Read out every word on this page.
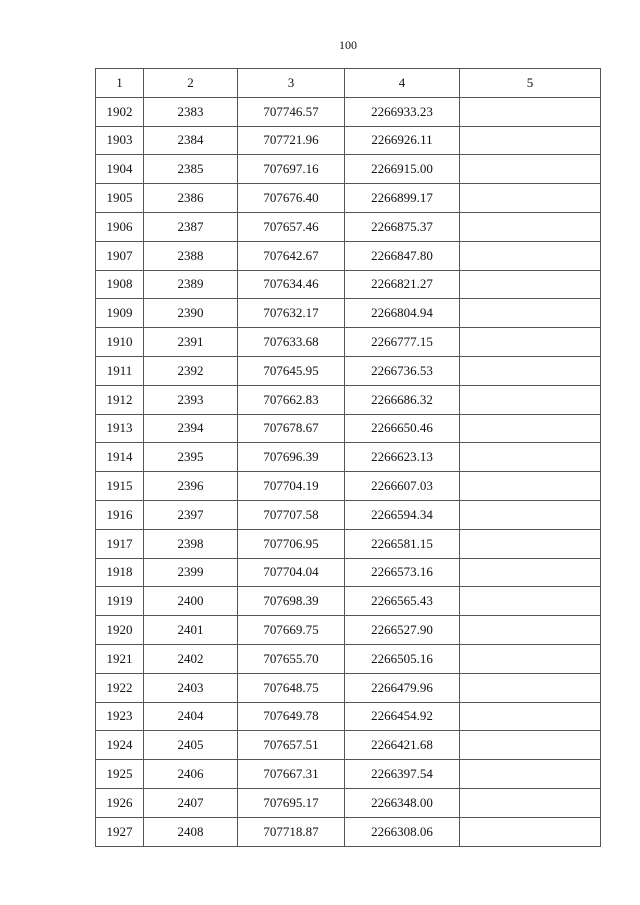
100
1	2	3	4	5
1902	2383	707746.57	2266933.23	
1903	2384	707721.96	2266926.11	
1904	2385	707697.16	2266915.00	
1905	2386	707676.40	2266899.17	
1906	2387	707657.46	2266875.37	
1907	2388	707642.67	2266847.80	
1908	2389	707634.46	2266821.27	
1909	2390	707632.17	2266804.94	
1910	2391	707633.68	2266777.15	
1911	2392	707645.95	2266736.53	
1912	2393	707662.83	2266686.32	
1913	2394	707678.67	2266650.46	
1914	2395	707696.39	2266623.13	
1915	2396	707704.19	2266607.03	
1916	2397	707707.58	2266594.34	
1917	2398	707706.95	2266581.15	
1918	2399	707704.04	2266573.16	
1919	2400	707698.39	2266565.43	
1920	2401	707669.75	2266527.90	
1921	2402	707655.70	2266505.16	
1922	2403	707648.75	2266479.96	
1923	2404	707649.78	2266454.92	
1924	2405	707657.51	2266421.68	
1925	2406	707667.31	2266397.54	
1926	2407	707695.17	2266348.00	
1927	2408	707718.87	2266308.06	
